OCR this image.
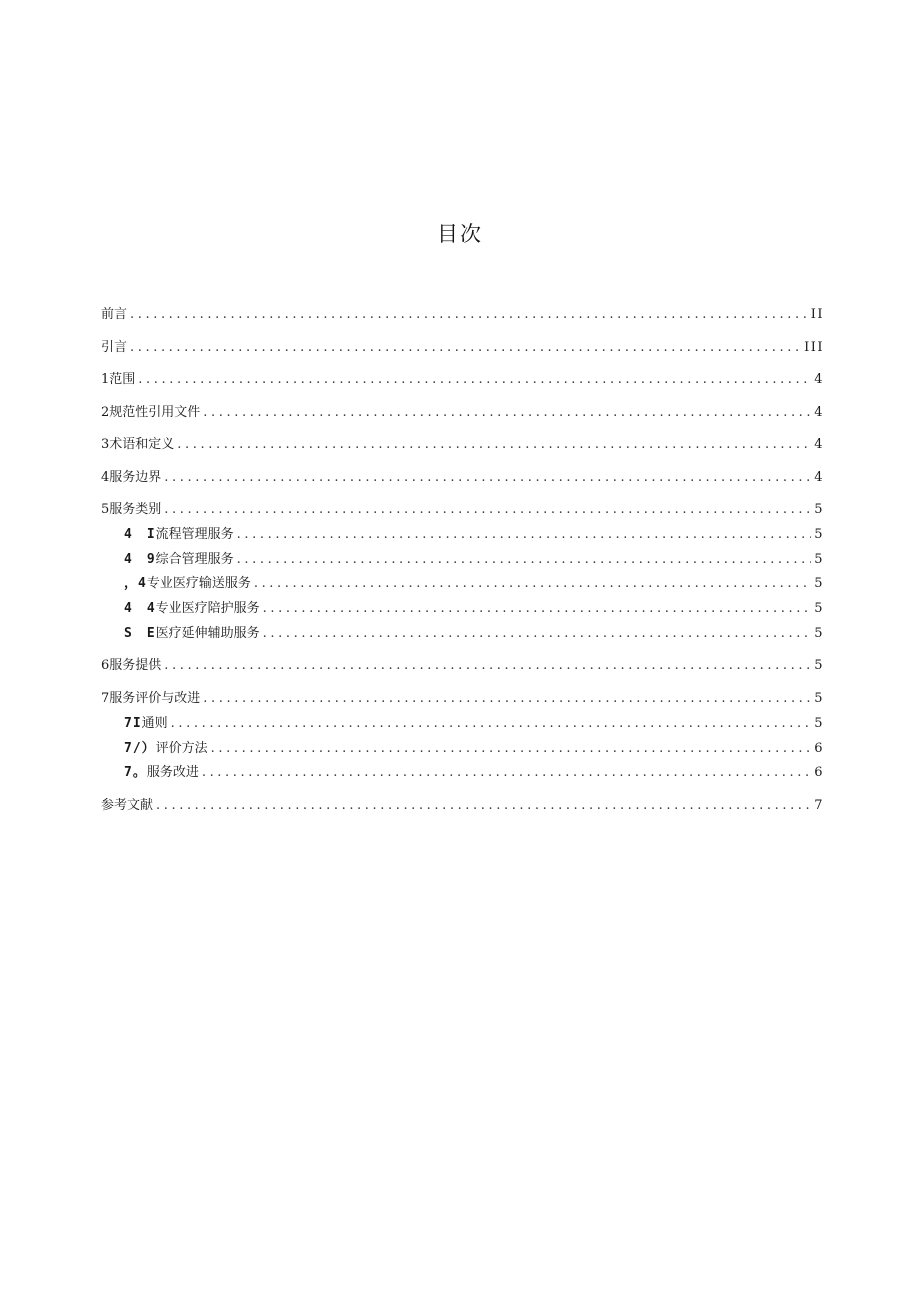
目次
前言 .....	II
引言 .....	III
1范围 .....	4
2规范性引用文件 .....	4
3术语和定义 .....	4
4服务边界 .....	4
5服务类别 .....	5
4　I流程管理服务 .....	5
4　9综合管理服务 .....	5
，4专业医疗输送服务 .....	5
4　4专业医疗陪护服务 .....	5
S　E医疗延伸辅助服务 .....	5
6服务提供 .....	5
7服务评价与改进 .....	5
7I通则 .....	5
7/）评价方法 .....	6
7。服务改进 .....	6
参考文献 .....	7
